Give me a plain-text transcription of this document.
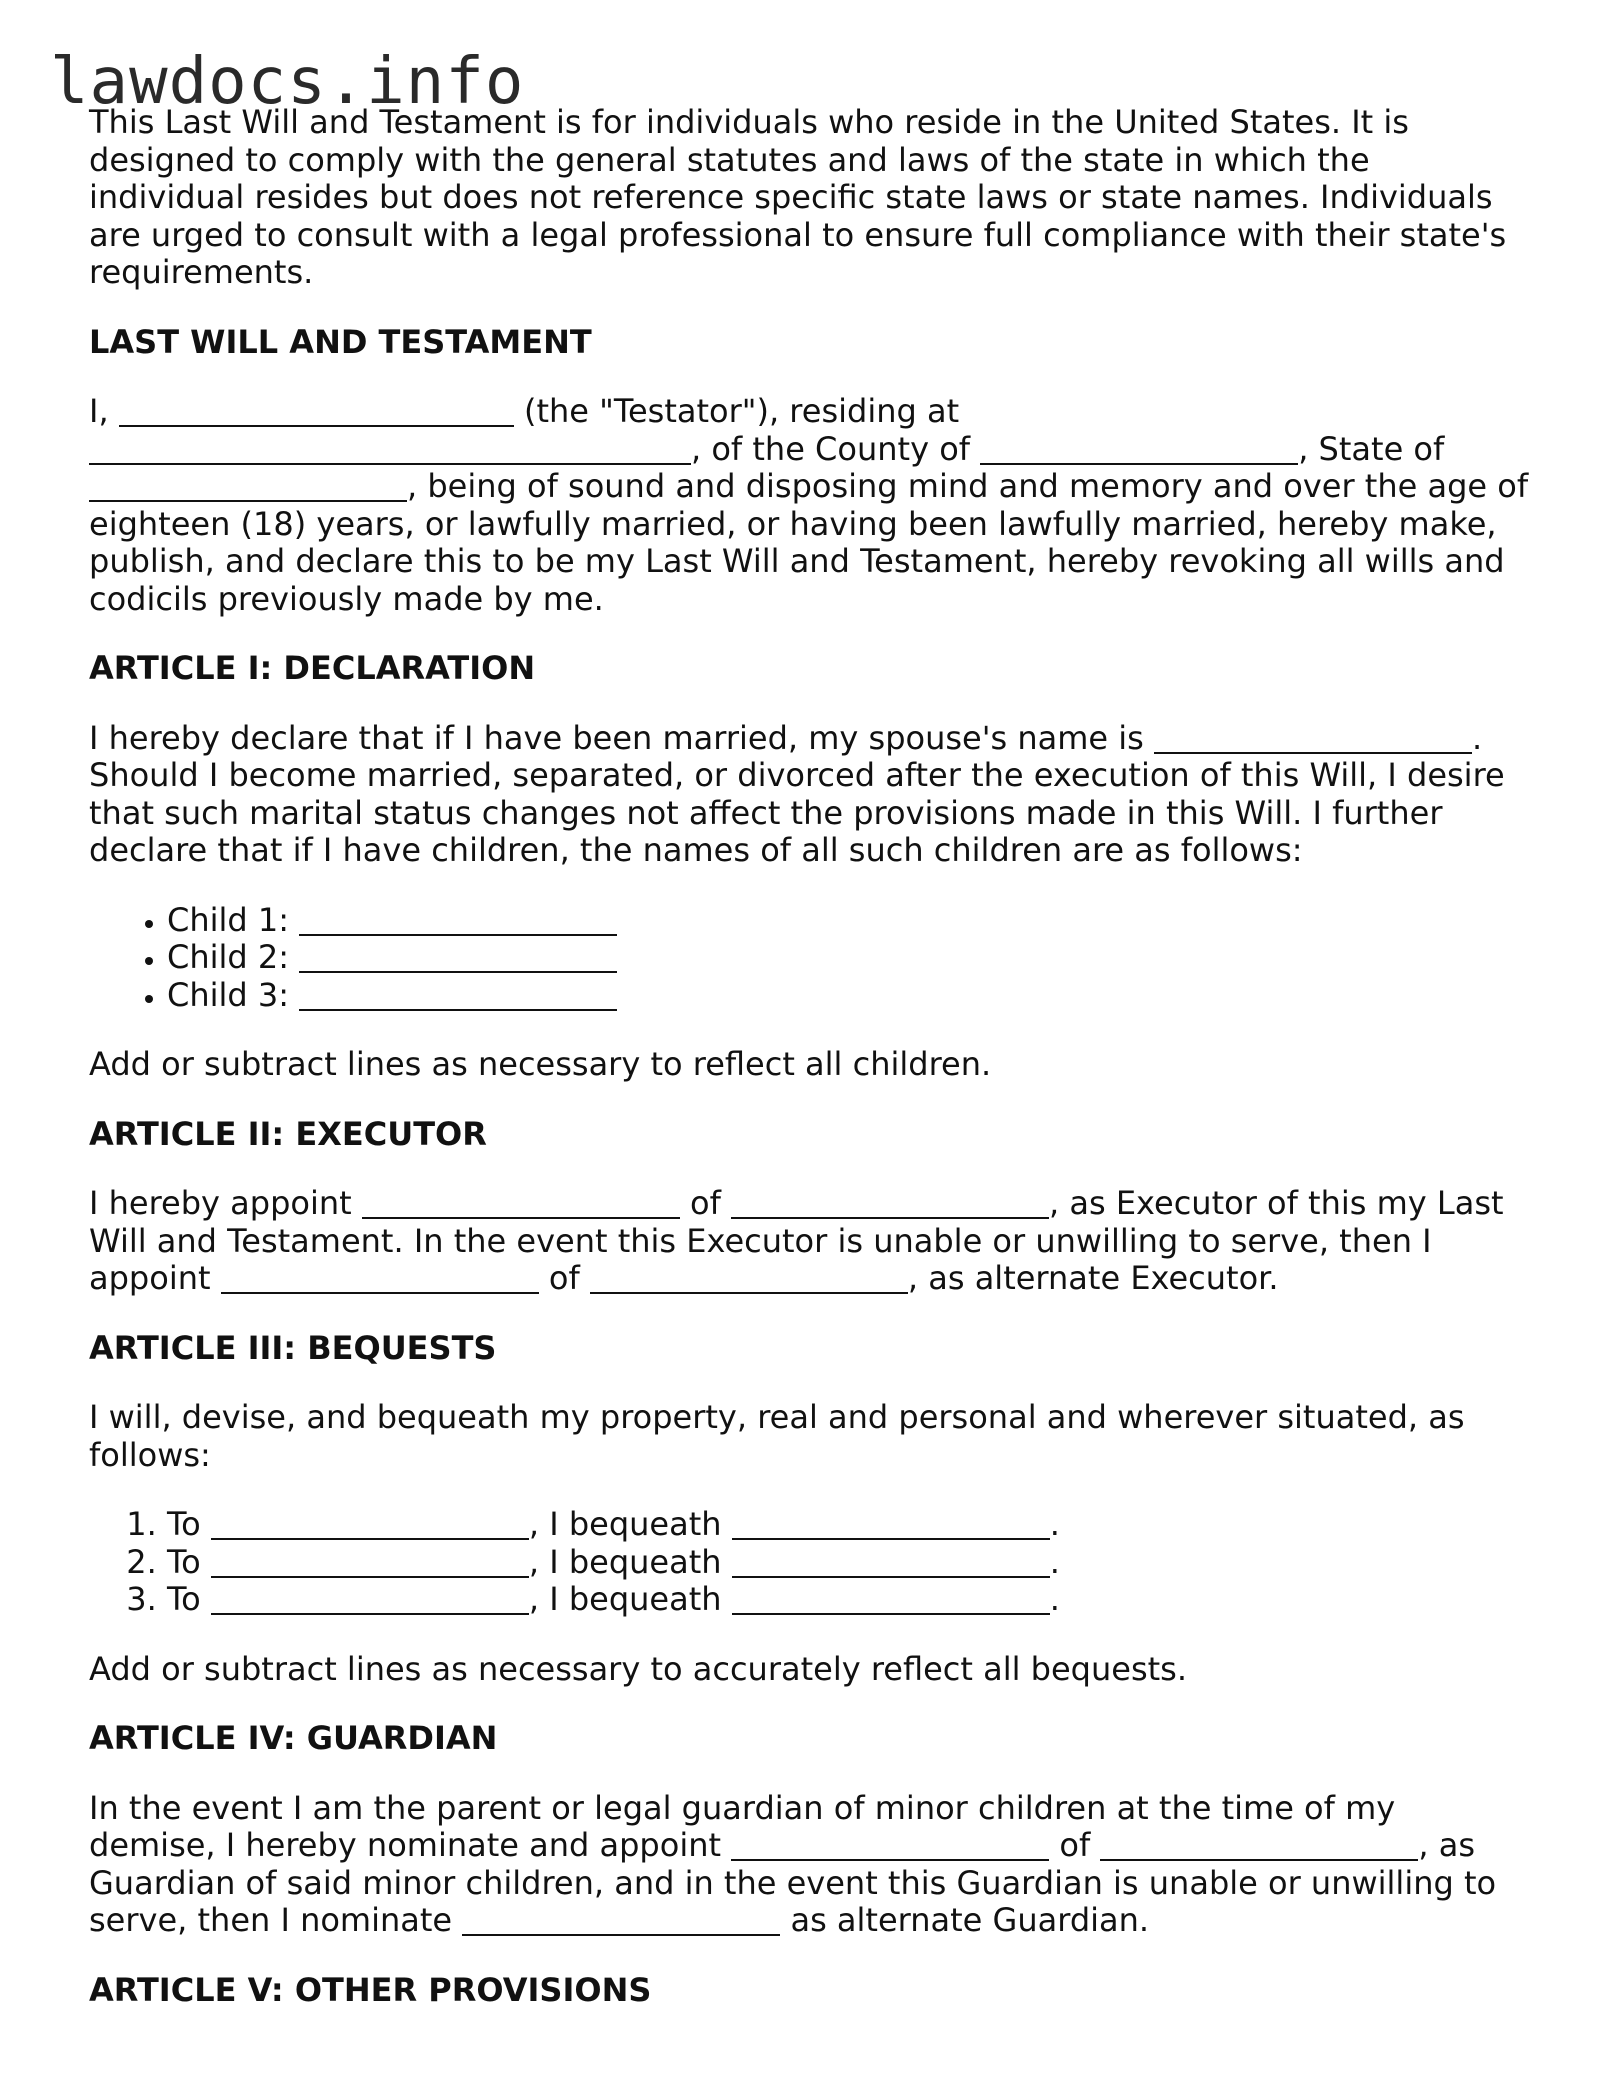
lawdocs.info

This Last Will and Testament is for individuals who reside in the United States. It is designed to comply with the general statutes and laws of the state in which the individual resides but does not reference specific state laws or state names. Individuals are urged to consult with a legal professional to ensure full compliance with their state's requirements.

LAST WILL AND TESTAMENT

I,	(the "Testator"), residing at , of the County of	, State of , being of sound and disposing mind and memory and over the age of eighteen (18) years, or lawfully married, or having been lawfully married, hereby make, publish, and declare this to be my Last Will and Testament, hereby revoking all wills and codicils previously made by me.

ARTICLE I: DECLARATION

I hereby declare that if I have been married, my spouse's name is	. Should I become married, separated, or divorced after the execution of this Will, I desire that such marital status changes not affect the provisions made in this Will. I further declare that if I have children, the names of all such children are as follows:

• Child 1:
• Child 2:
• Child 3:

Add or subtract lines as necessary to reflect all children.

ARTICLE II: EXECUTOR

I hereby appoint	of	, as Executor of this my Last Will and Testament. In the event this Executor is unable or unwilling to serve, then I appoint	of	, as alternate Executor.

ARTICLE III: BEQUESTS

I will, devise, and bequeath my property, real and personal and wherever situated, as follows:

1. To	, I bequeath	.
2. To	, I bequeath	.
3. To	, I bequeath	.

Add or subtract lines as necessary to accurately reflect all bequests.

ARTICLE IV: GUARDIAN

In the event I am the parent or legal guardian of minor children at the time of my demise, I hereby nominate and appoint	of	, as Guardian of said minor children, and in the event this Guardian is unable or unwilling to serve, then I nominate	as alternate Guardian.

ARTICLE V: OTHER PROVISIONS
